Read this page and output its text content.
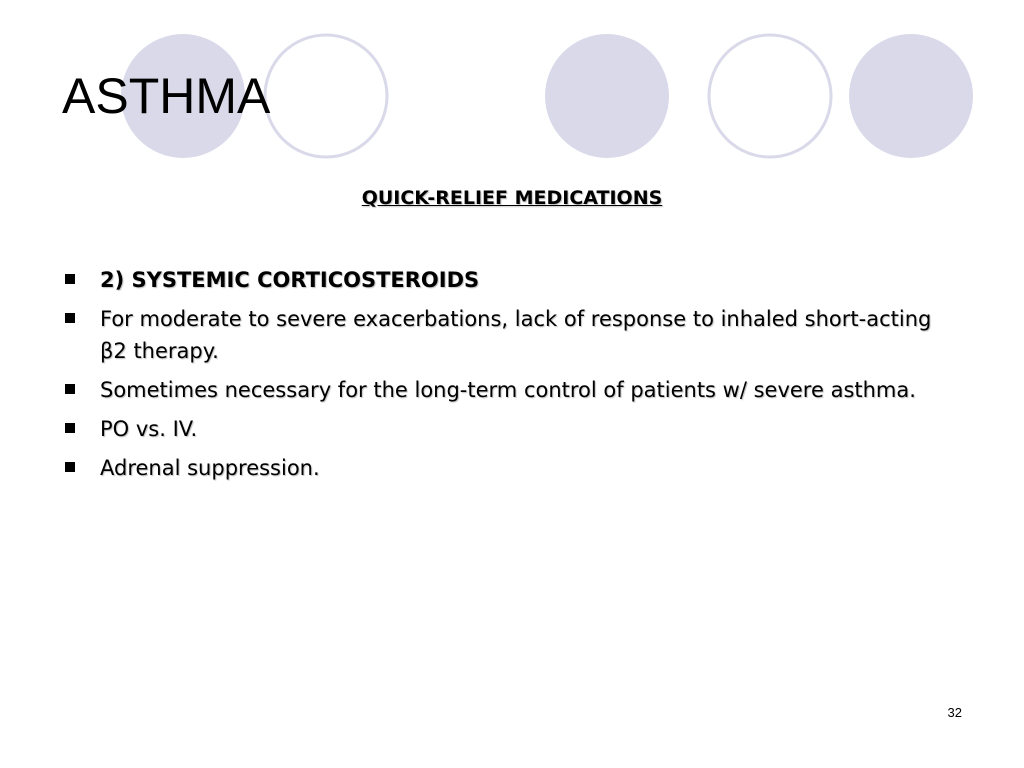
ASTHMA
QUICK-RELIEF MEDICATIONS
2) SYSTEMIC CORTICOSTEROIDS
For moderate to severe exacerbations, lack of response to inhaled short-acting β2 therapy.
Sometimes necessary for the long-term control of patients w/ severe asthma.
PO vs. IV.
Adrenal suppression.
32
